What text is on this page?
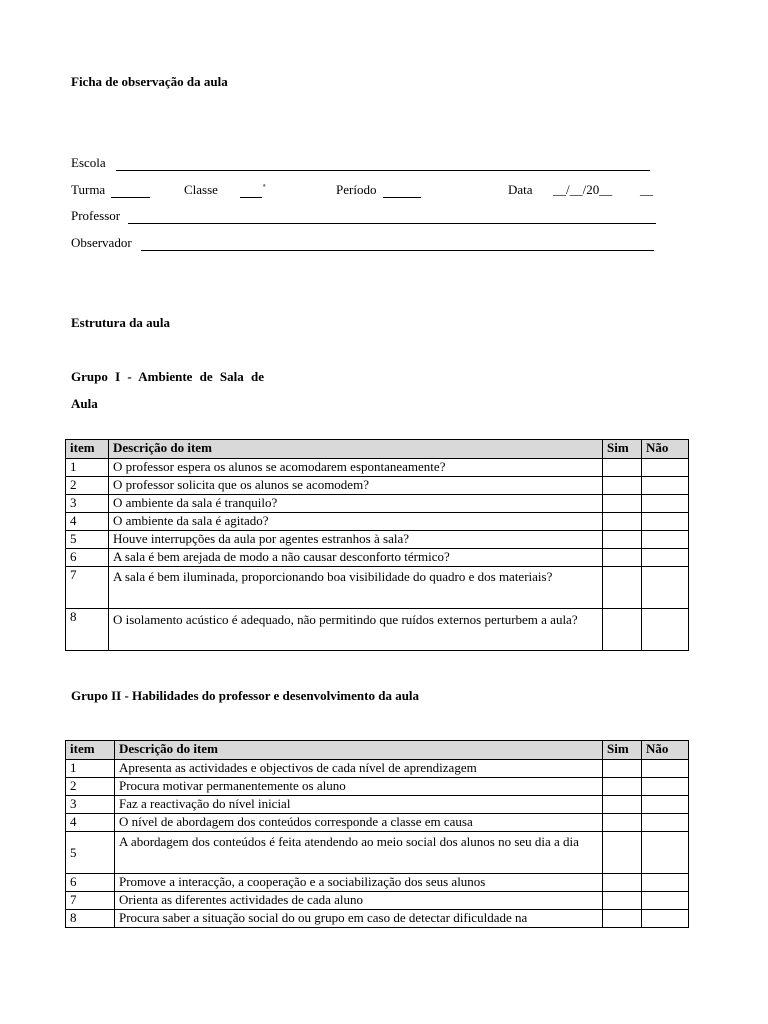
Ficha de observação da aula
Escola
Turma	Classe	ª	Período	Data __/__/20__ __
Professor
Observador
Estrutura da aula
Grupo I - Ambiente de Sala de
Aula
item	Descrição do item	Sim	Não
1	O professor espera os alunos se acomodarem espontaneamente?		
2	O professor solicita que os alunos se acomodem?		
3	O ambiente da sala é tranquilo?		
4	O ambiente da sala é agitado?		
5	Houve interrupções da aula por agentes estranhos à sala?		
6	A sala é bem arejada de modo a não causar desconforto térmico?		
7	A sala é bem iluminada, proporcionando boa visibilidade do quadro e dos materiais?		
8	O isolamento acústico é adequado, não permitindo que ruídos externos perturbem a aula?		
Grupo II - Habilidades do professor e desenvolvimento da aula
item	Descrição do item	Sim	Não
1	Apresenta as actividades e objectivos de cada nível de aprendizagem		
2	Procura motivar permanentemente os aluno		
3	Faz a reactivação do nível inicial		
4	O nível de abordagem dos conteúdos corresponde a classe em causa		
5	A abordagem dos conteúdos é feita atendendo ao meio social dos alunos no seu dia a dia		
6	Promove a interacção, a cooperação e a sociabilização dos seus alunos		
7	Orienta as diferentes actividades de cada aluno		
8	Procura saber a situação social do ou grupo em caso de detectar dificuldade na		
